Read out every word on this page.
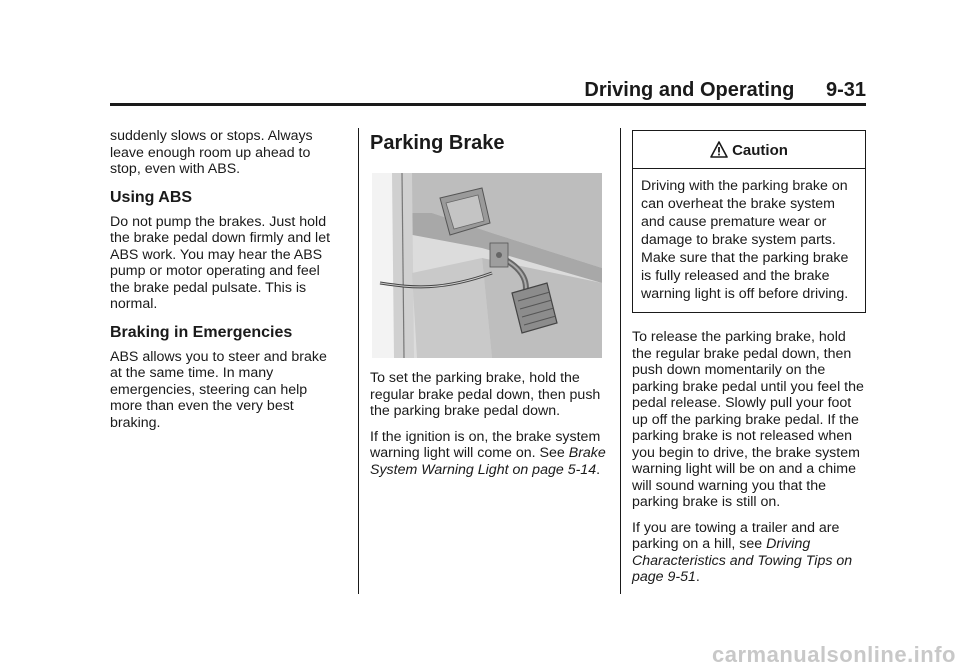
Driving and Operating 9-31

suddenly slows or stops. Always leave enough room up ahead to stop, even with ABS.

Using ABS

Do not pump the brakes. Just hold the brake pedal down firmly and let ABS work. You may hear the ABS pump or motor operating and feel the brake pedal pulsate. This is normal.

Braking in Emergencies

ABS allows you to steer and brake at the same time. In many emergencies, steering can help more than even the very best braking.

Parking Brake

To set the parking brake, hold the regular brake pedal down, then push the parking brake pedal down.

If the ignition is on, the brake system warning light will come on. See Brake System Warning Light on page 5-14.

Caution
Driving with the parking brake on can overheat the brake system and cause premature wear or damage to brake system parts. Make sure that the parking brake is fully released and the brake warning light is off before driving.

To release the parking brake, hold the regular brake pedal down, then push down momentarily on the parking brake pedal until you feel the pedal release. Slowly pull your foot up off the parking brake pedal. If the parking brake is not released when you begin to drive, the brake system warning light will be on and a chime will sound warning you that the parking brake is still on.

If you are towing a trailer and are parking on a hill, see Driving Characteristics and Towing Tips on page 9-51.

carmanualsonline.info
